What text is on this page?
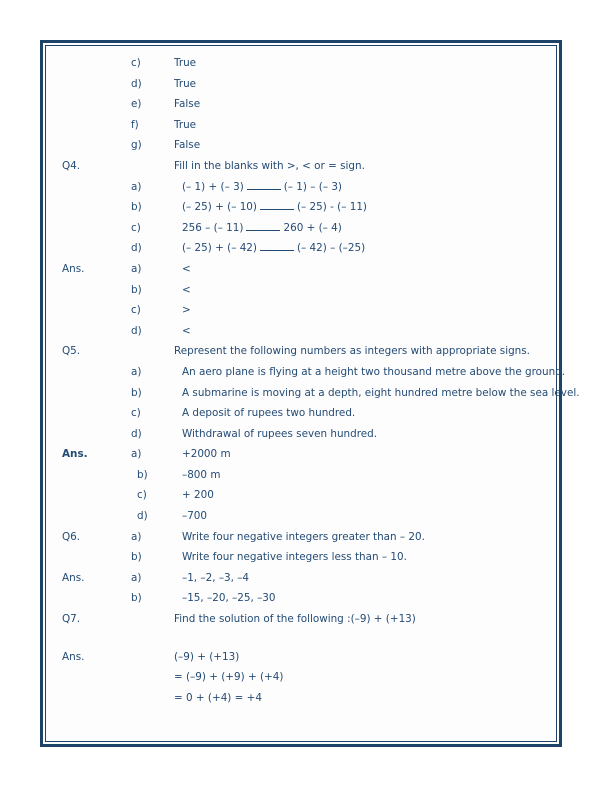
c)	True
d)	True
e)	False
f)	True
g)	False
Q4.	Fill in the blanks with >, < or = sign.
a)	(– 1) + (– 3)	(– 1) – (– 3)
b)	(– 25) + (– 10)	(– 25) - (– 11)
c)	256 – (– 11)	260 + (– 4)
d)	(– 25) + (– 42)	(– 42) – (–25)
Ans.	a)	<
b)	<
c)	>
d)	<
Q5.	Represent the following numbers as integers with appropriate signs.
a)	An aero plane is flying at a height two thousand metre above the ground.
b)	A submarine is moving at a depth, eight hundred metre below the sea level.
c)	A deposit of rupees two hundred.
d)	Withdrawal of rupees seven hundred.
Ans.	a)	+2000 m
b)	–800 m
c)	+ 200
d)	–700
Q6.	a)	Write four negative integers greater than – 20.
b)	Write four negative integers less than – 10.
Ans.	a)	–1, –2, –3, –4
b)	–15, –20, –25, –30
Q7.	Find the solution of the following :(–9) + (+13)
Ans.	(–9) + (+13)
= (–9) + (+9) + (+4)
= 0 + (+4) = +4
